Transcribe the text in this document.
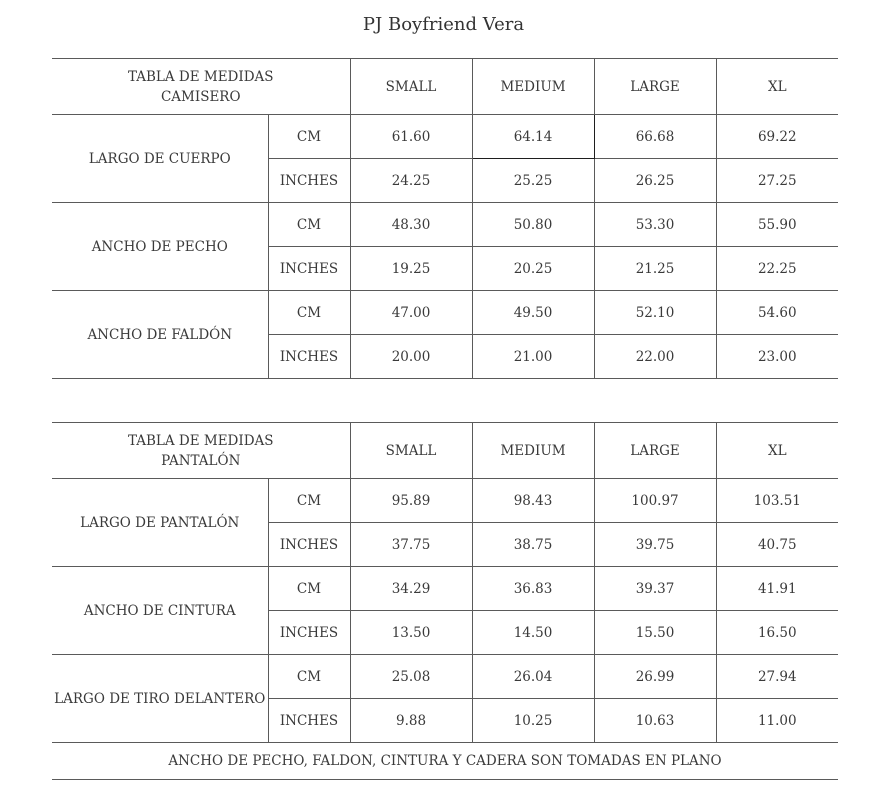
PJ Boyfriend Vera
TABLA DE MEDIDAS
CAMISERO		SMALL	MEDIUM	LARGE	XL
LARGO DE CUERPO	CM	61.60	64.14	66.68	69.22
	INCHES	24.25	25.25	26.25	27.25
ANCHO DE PECHO	CM	48.30	50.80	53.30	55.90
	INCHES	19.25	20.25	21.25	22.25
ANCHO DE FALDÓN	CM	47.00	49.50	52.10	54.60
	INCHES	20.00	21.00	22.00	23.00
TABLA DE MEDIDAS
PANTALÓN		SMALL	MEDIUM	LARGE	XL
LARGO DE PANTALÓN	CM	95.89	98.43	100.97	103.51
	INCHES	37.75	38.75	39.75	40.75
ANCHO DE CINTURA	CM	34.29	36.83	39.37	41.91
	INCHES	13.50	14.50	15.50	16.50
LARGO DE TIRO DELANTERO	CM	25.08	26.04	26.99	27.94
	INCHES	9.88	10.25	10.63	11.00
ANCHO DE PECHO, FALDON, CINTURA Y CADERA SON TOMADAS EN PLANO
